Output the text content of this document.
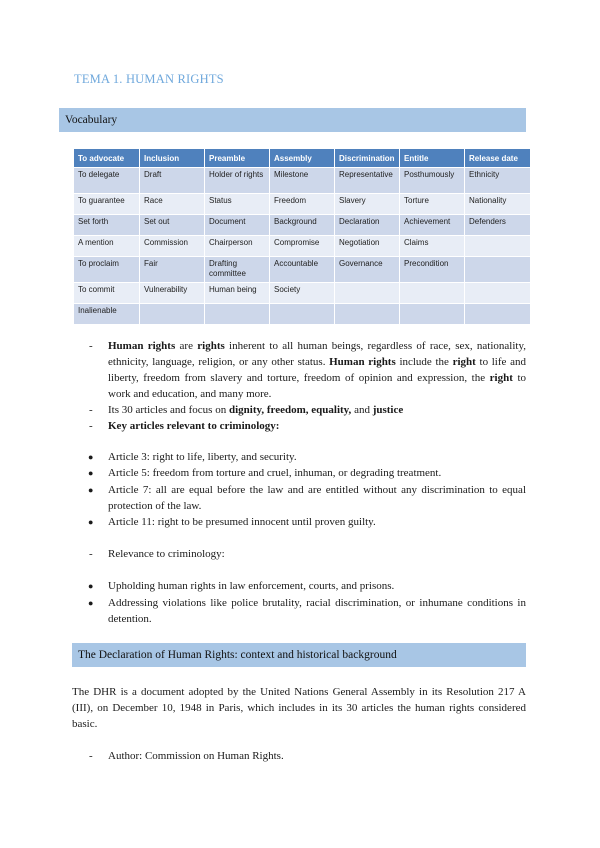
TEMA 1. HUMAN RIGHTS
Vocabulary
To advocate	Inclusion	Preamble	Assembly	Discrimination	Entitle	Release date
To delegate	Draft	Holder of rights	Milestone	Representative	Posthumously	Ethnicity
To guarantee	Race	Status	Freedom	Slavery	Torture	Nationality
Set forth	Set out	Document	Background	Declaration	Achievement	Defenders
A mention	Commission	Chairperson	Compromise	Negotiation	Claims	
To proclaim	Fair	Drafting committee	Accountable	Governance	Precondition	
To commit	Vulnerability	Human being	Society			
Inalienable						
-	Human rights are rights inherent to all human beings, regardless of race, sex, nationality, ethnicity, language, religion, or any other status. Human rights include the right to life and liberty, freedom from slavery and torture, freedom of opinion and expression, the right to work and education, and many more.
-	Its 30 articles and focus on dignity, freedom, equality, and justice
-	Key articles relevant to criminology:
●	Article 3: right to life, liberty, and security.
●	Article 5: freedom from torture and cruel, inhuman, or degrading treatment.
●	Article 7: all are equal before the law and are entitled without any discrimination to equal protection of the law.
●	Article 11: right to be presumed innocent until proven guilty.
-	Relevance to criminology:
●	Upholding human rights in law enforcement, courts, and prisons.
●	Addressing violations like police brutality, racial discrimination, or inhumane conditions in detention.
The Declaration of Human Rights: context and historical background
The DHR is a document adopted by the United Nations General Assembly in its Resolution 217 A (III), on December 10, 1948 in Paris, which includes in its 30 articles the human rights considered basic.
-	Author: Commission on Human Rights.
